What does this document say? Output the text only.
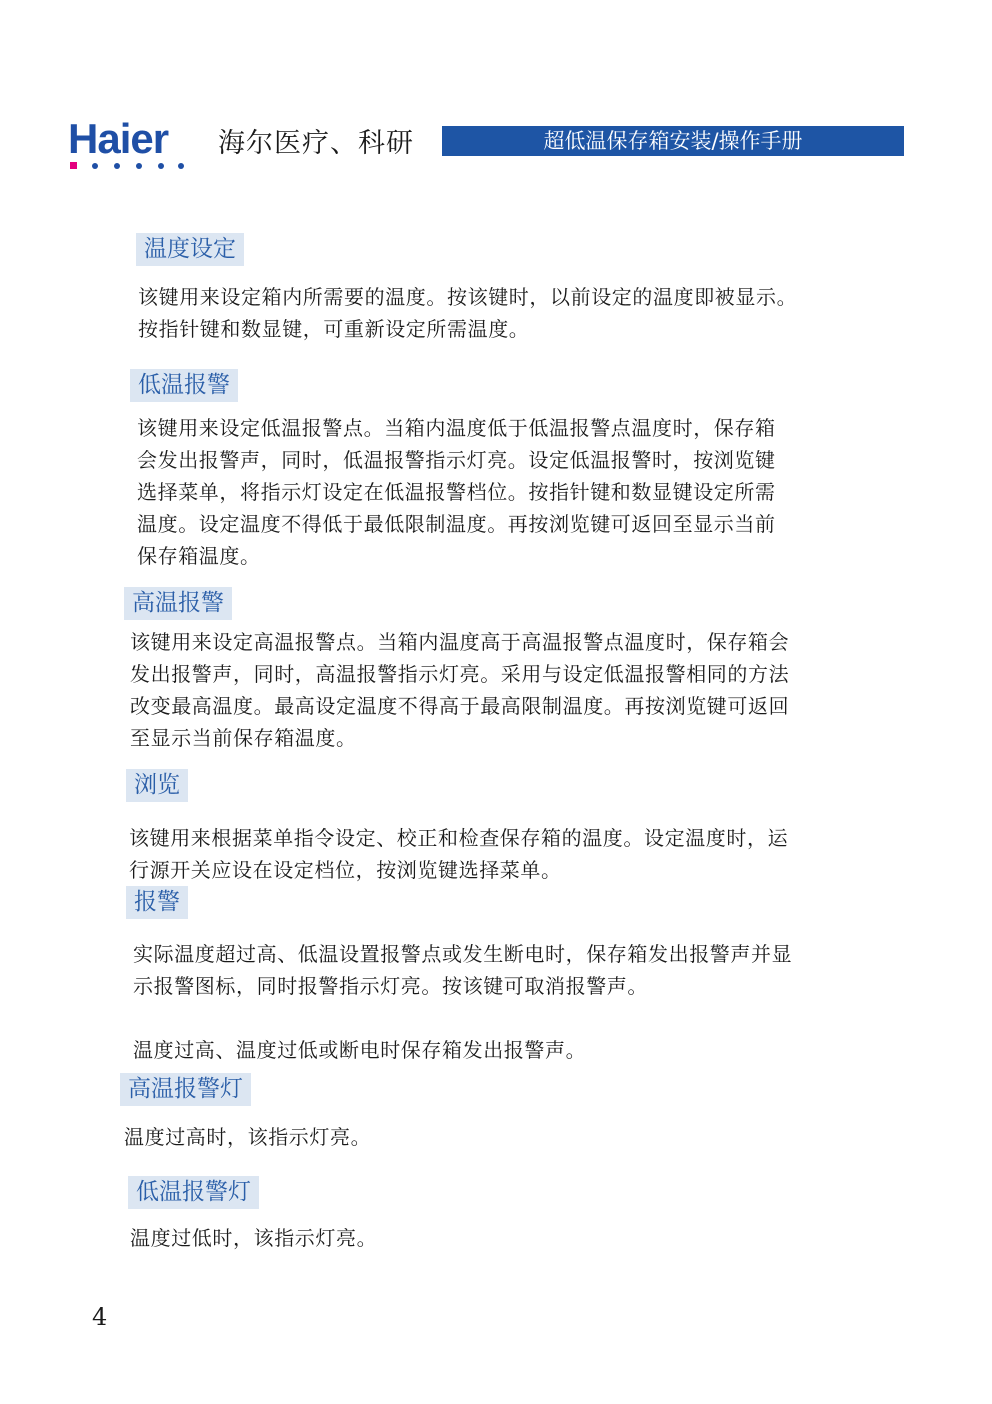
Haier 海尔医疗、科研	超低温保存箱安装/操作手册
温度设定
该键用来设定箱内所需要的温度。按该键时，以前设定的温度即被显示。
按指针键和数显键，可重新设定所需温度。
低温报警
该键用来设定低温报警点。当箱内温度低于低温报警点温度时，保存箱
会发出报警声，同时，低温报警指示灯亮。设定低温报警时，按浏览键
选择菜单，将指示灯设定在低温报警档位。按指针键和数显键设定所需
温度。设定温度不得低于最低限制温度。再按浏览键可返回至显示当前
保存箱温度。
高温报警
该键用来设定高温报警点。当箱内温度高于高温报警点温度时，保存箱会
发出报警声，同时，高温报警指示灯亮。采用与设定低温报警相同的方法
改变最高温度。最高设定温度不得高于最高限制温度。再按浏览键可返回
至显示当前保存箱温度。
浏览
该键用来根据菜单指令设定、校正和检查保存箱的温度。设定温度时，运
行源开关应设在设定档位，按浏览键选择菜单。
报警
实际温度超过高、低温设置报警点或发生断电时，保存箱发出报警声并显
示报警图标，同时报警指示灯亮。按该键可取消报警声。
温度过高、温度过低或断电时保存箱发出报警声。
高温报警灯
温度过高时，该指示灯亮。
低温报警灯
温度过低时，该指示灯亮。
4
